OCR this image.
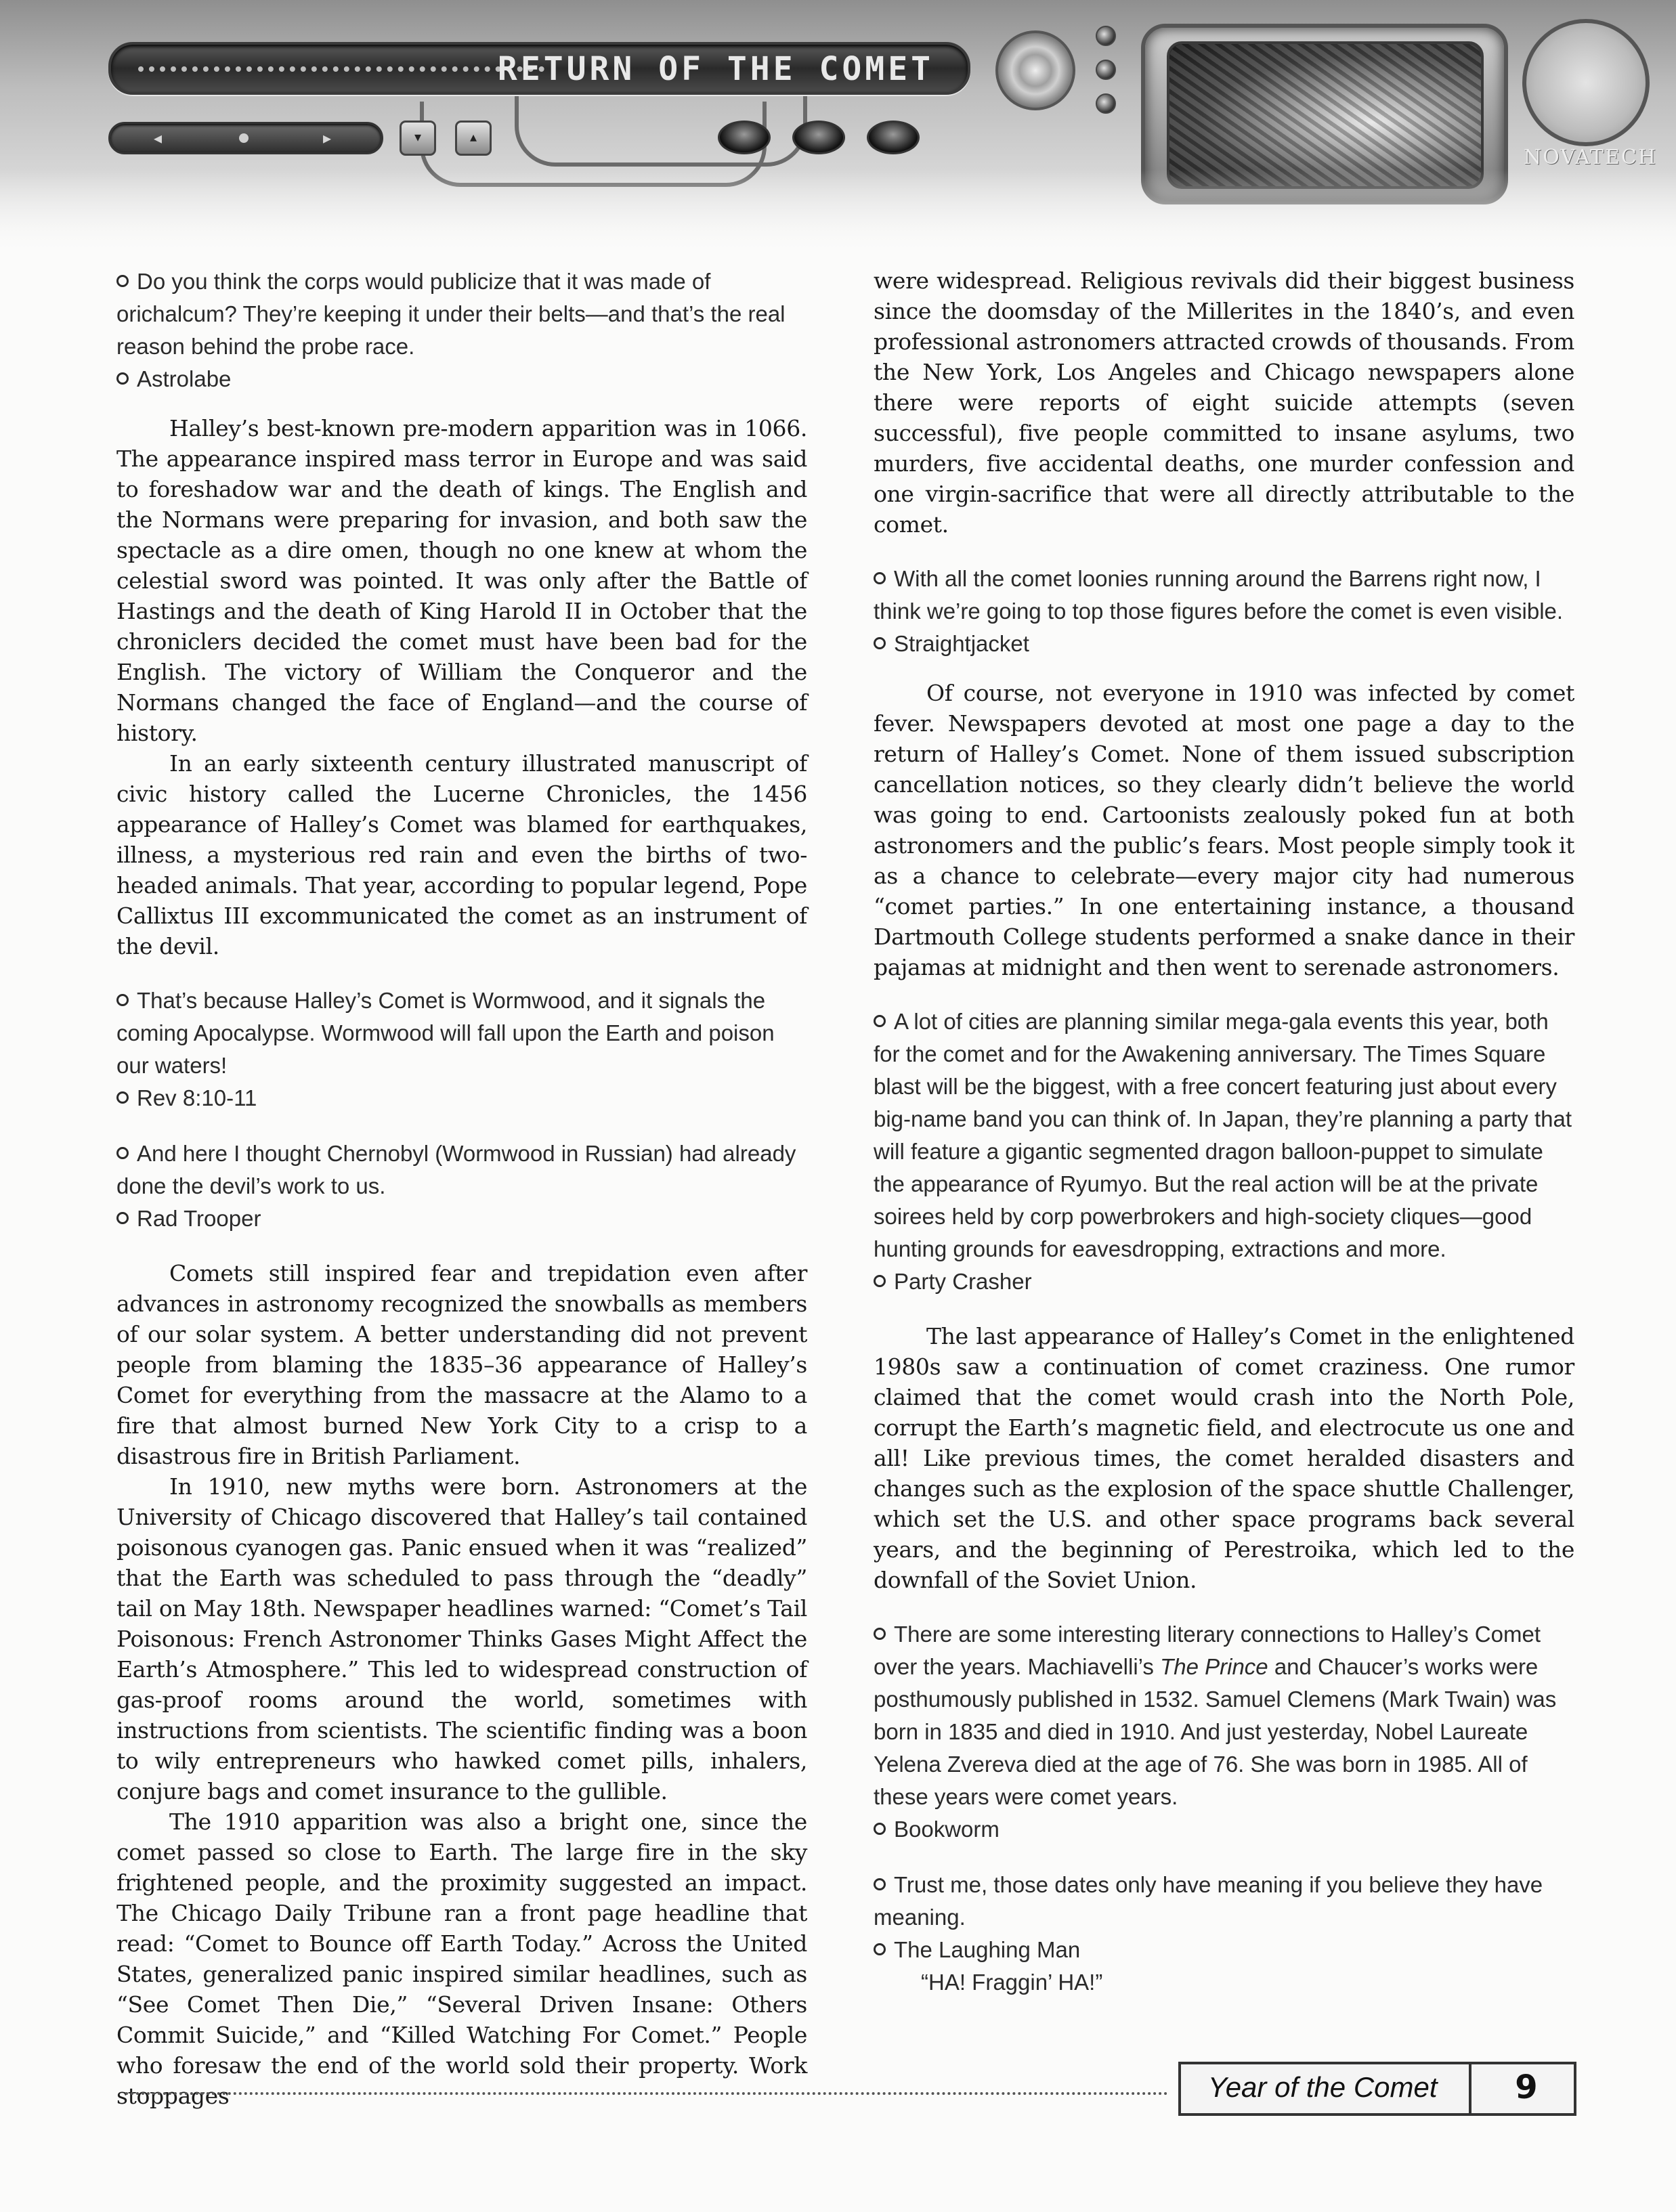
RETURN OF THE COMET
◂	▸	▾	▴
NOVATECH

Do you think the corps would publicize that it was made of orichalcum? They’re keeping it under their belts—and that’s the real reason behind the probe race.

Astrolabe

Halley’s best-known pre-modern apparition was in 1066. The appearance inspired mass terror in Europe and was said to foreshadow war and the death of kings. The English and the Normans were preparing for invasion, and both saw the spectacle as a dire omen, though no one knew at whom the celestial sword was pointed. It was only after the Battle of Hastings and the death of King Harold II in October that the chroniclers decided the comet must have been bad for the English. The victory of William the Conqueror and the Normans changed the face of England—and the course of history.

In an early sixteenth century illustrated manuscript of civic history called the Lucerne Chronicles, the 1456 appearance of Halley’s Comet was blamed for earthquakes, illness, a mysterious red rain and even the births of two-headed animals. That year, according to popular legend, Pope Callixtus III excommunicated the comet as an instrument of the devil.

That’s because Halley’s Comet is Wormwood, and it signals the coming Apocalypse. Wormwood will fall upon the Earth and poison our waters!

Rev 8:10-11

And here I thought Chernobyl (Wormwood in Russian) had already done the devil’s work to us.

Rad Trooper

Comets still inspired fear and trepidation even after advances in astronomy recognized the snowballs as members of our solar system. A better understanding did not prevent people from blaming the 1835–36 appearance of Halley’s Comet for everything from the massacre at the Alamo to a fire that almost burned New York City to a crisp to a disastrous fire in British Parliament.

In 1910, new myths were born. Astronomers at the University of Chicago discovered that Halley’s tail contained poisonous cyanogen gas. Panic ensued when it was “realized” that the Earth was scheduled to pass through the “deadly” tail on May 18th. Newspaper headlines warned: “Comet’s Tail Poisonous: French Astronomer Thinks Gases Might Affect the Earth’s Atmosphere.” This led to widespread construction of gas-proof rooms around the world, sometimes with instructions from scientists. The scientific finding was a boon to wily entrepreneurs who hawked comet pills, inhalers, conjure bags and comet insurance to the gullible.

The 1910 apparition was also a bright one, since the comet passed so close to Earth. The large fire in the sky frightened people, and the proximity suggested an impact. The Chicago Daily Tribune ran a front page headline that read: “Comet to Bounce off Earth Today.” Across the United States, generalized panic inspired similar headlines, such as “See Comet Then Die,” “Several Driven Insane: Others Commit Suicide,” and “Killed Watching For Comet.” People who foresaw the end of the world sold their property. Work stoppages

were widespread. Religious revivals did their biggest business since the doomsday of the Millerites in the 1840’s, and even professional astronomers attracted crowds of thousands. From the New York, Los Angeles and Chicago newspapers alone there were reports of eight suicide attempts (seven successful), five people committed to insane asylums, two murders, five accidental deaths, one murder confession and one virgin-sacrifice that were all directly attributable to the comet.

With all the comet loonies running around the Barrens right now, I think we’re going to top those figures before the comet is even visible.

Straightjacket

Of course, not everyone in 1910 was infected by comet fever. Newspapers devoted at most one page a day to the return of Halley’s Comet. None of them issued subscription cancellation notices, so they clearly didn’t believe the world was going to end. Cartoonists zealously poked fun at both astronomers and the public’s fears. Most people simply took it as a chance to celebrate—every major city had numerous “comet parties.” In one entertaining instance, a thousand Dartmouth College students performed a snake dance in their pajamas at midnight and then went to serenade astronomers.

A lot of cities are planning similar mega-gala events this year, both for the comet and for the Awakening anniversary. The Times Square blast will be the biggest, with a free concert featuring just about every big-name band you can think of. In Japan, they’re planning a party that will feature a gigantic segmented dragon balloon-puppet to simulate the appearance of Ryumyo. But the real action will be at the private soirees held by corp powerbrokers and high-society cliques—good hunting grounds for eavesdropping, extractions and more.

Party Crasher

The last appearance of Halley’s Comet in the enlightened 1980s saw a continuation of comet craziness. One rumor claimed that the comet would crash into the North Pole, corrupt the Earth’s magnetic field, and electrocute us one and all! Like previous times, the comet heralded disasters and changes such as the explosion of the space shuttle Challenger, which set the U.S. and other space programs back several years, and the beginning of Perestroika, which led to the downfall of the Soviet Union.

There are some interesting literary connections to Halley’s Comet over the years. Machiavelli’s The Prince and Chaucer’s works were posthumously published in 1532. Samuel Clemens (Mark Twain) was born in 1835 and died in 1910. And just yesterday, Nobel Laureate Yelena Zvereva died at the age of 76. She was born in 1985. All of these years were comet years.

Bookworm

Trust me, those dates only have meaning if you believe they have meaning.

The Laughing Man

“HA! Fraggin’ HA!”

Year of the Comet	9
